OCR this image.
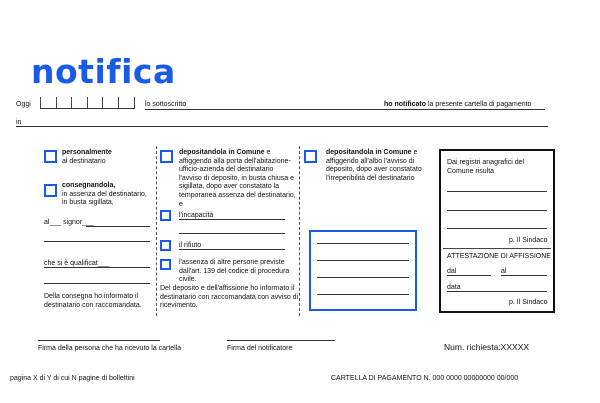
notifica
Oggi	lo sottoscritto	ho notificato la presente cartella di pagamento
in
personalmente
al destinatario
consegnandola,
in assenza del destinatario, in busta sigillata,
al___ signor___
che si è qualificat___
Della consegna ho informato il destinatario con raccomandata.
depositandola in Comune e affiggendo alla porta dell'abitazione-ufficio-azienda del destinatario l'avviso di deposito, in busta chiusa e sigillata, dopo aver constatato la temporanea assenza del destinatario, e
l'incapacità
il rifiuto
l'assenza di altre persone previste dall'art. 139 del codice di procedura civile.
Del deposito e dell'affissione ho informato il destinatario con raccomandata con avviso di ricevimento.
depositandola in Comune e affiggendo all'albo l'avviso di deposito, dopo aver constatato l'irreperibilità del destinatario
Dai registri anagrafici del Comune risulta
p. Il Sindaco
ATTESTAZIONE DI AFFISSIONE
dal	al
data
p. Il Sindaco
Firma della persona che ha ricevuto la cartella	Firma del notificatore	Num. richiesta:XXXXX
pagina X di Y di cui N pagine di bollettini	CARTELLA DI PAGAMENTO N. 000 0000 00000000 00/000
